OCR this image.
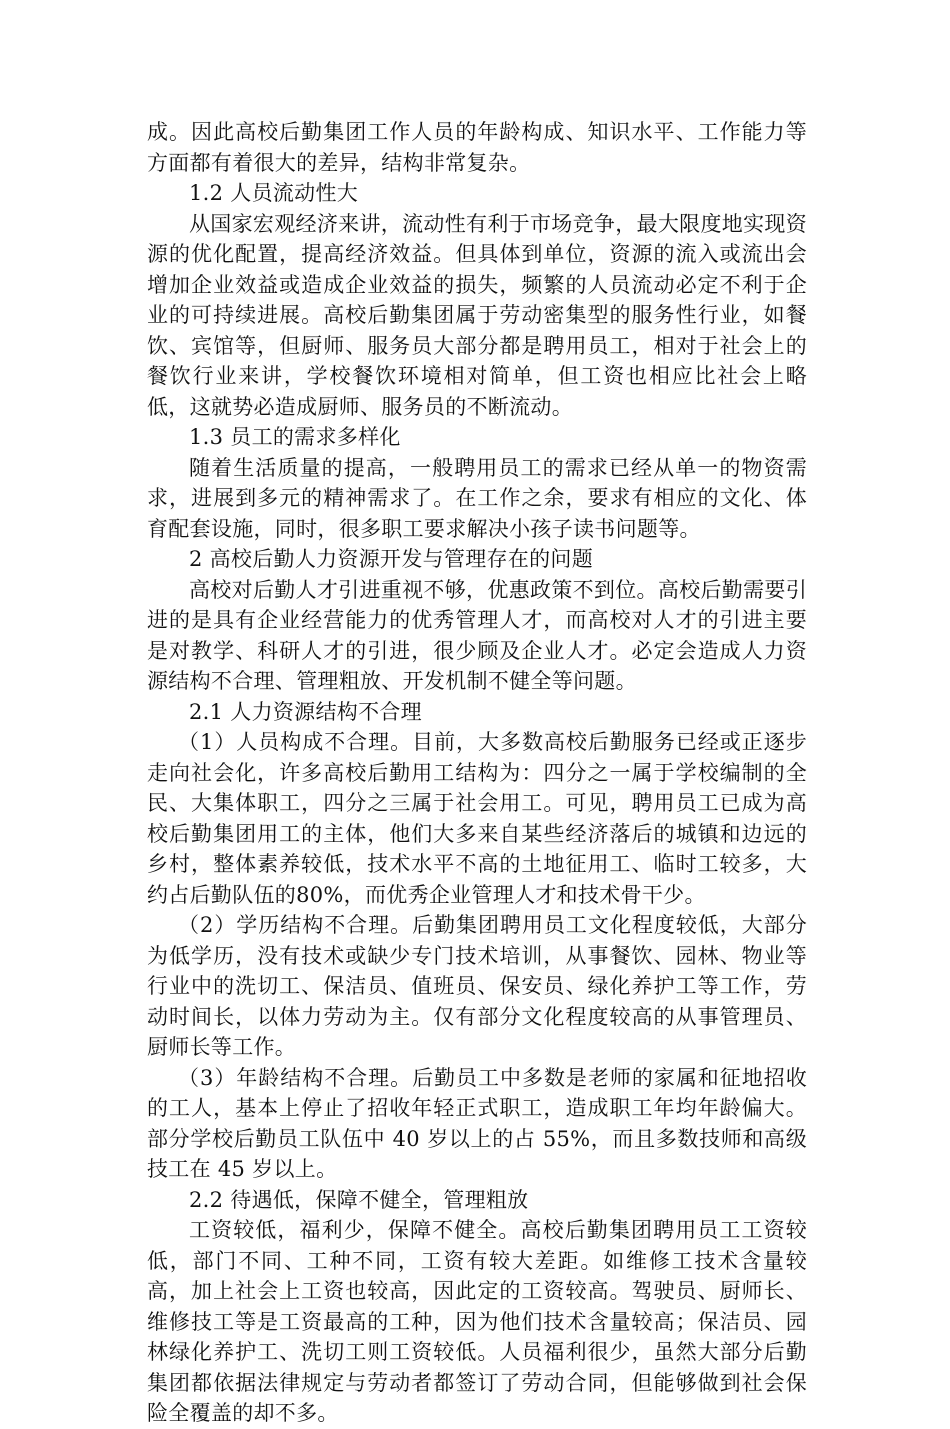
成。因此高校后勤集团工作人员的年龄构成、知识水平、工作能力等方面都有着很大的差异，结构非常复杂。

1.2 人员流动性大

从国家宏观经济来讲，流动性有利于市场竞争，最大限度地实现资源的优化配置，提高经济效益。但具体到单位，资源的流入或流出会增加企业效益或造成企业效益的损失，频繁的人员流动必定不利于企业的可持续进展。高校后勤集团属于劳动密集型的服务性行业，如餐饮、宾馆等，但厨师、服务员大部分都是聘用员工，相对于社会上的餐饮行业来讲，学校餐饮环境相对简单，但工资也相应比社会上略低，这就势必造成厨师、服务员的不断流动。

1.3 员工的需求多样化

随着生活质量的提高，一般聘用员工的需求已经从单一的物资需求，进展到多元的精神需求了。在工作之余，要求有相应的文化、体育配套设施，同时，很多职工要求解决小孩子读书问题等。

2 高校后勤人力资源开发与管理存在的问题

高校对后勤人才引进重视不够，优惠政策不到位。高校后勤需要引进的是具有企业经营能力的优秀管理人才，而高校对人才的引进主要是对教学、科研人才的引进，很少顾及企业人才。必定会造成人力资源结构不合理、管理粗放、开发机制不健全等问题。

2.1 人力资源结构不合理

（1）人员构成不合理。目前，大多数高校后勤服务已经或正逐步走向社会化，许多高校后勤用工结构为：四分之一属于学校编制的全民、大集体职工，四分之三属于社会用工。可见，聘用员工已成为高校后勤集团用工的主体，他们大多来自某些经济落后的城镇和边远的乡村，整体素养较低，技术水平不高的土地征用工、临时工较多，大约占后勤队伍的80%，而优秀企业管理人才和技术骨干少。

（2）学历结构不合理。后勤集团聘用员工文化程度较低，大部分为低学历，没有技术或缺少专门技术培训，从事餐饮、园林、物业等行业中的洗切工、保洁员、值班员、保安员、绿化养护工等工作，劳动时间长，以体力劳动为主。仅有部分文化程度较高的从事管理员、厨师长等工作。

（3）年龄结构不合理。后勤员工中多数是老师的家属和征地招收的工人，基本上停止了招收年轻正式职工，造成职工年均年龄偏大。部分学校后勤员工队伍中 40 岁以上的占 55%，而且多数技师和高级技工在 45 岁以上。

2.2 待遇低，保障不健全，管理粗放

工资较低，福利少，保障不健全。高校后勤集团聘用员工工资较低，部门不同、工种不同，工资有较大差距。如维修工技术含量较高，加上社会上工资也较高，因此定的工资较高。驾驶员、厨师长、维修技工等是工资最高的工种，因为他们技术含量较高；保洁员、园林绿化养护工、洗切工则工资较低。人员福利很少，虽然大部分后勤集团都依据法律规定与劳动者都签订了劳动合同，但能够做到社会保险全覆盖的却不多。
